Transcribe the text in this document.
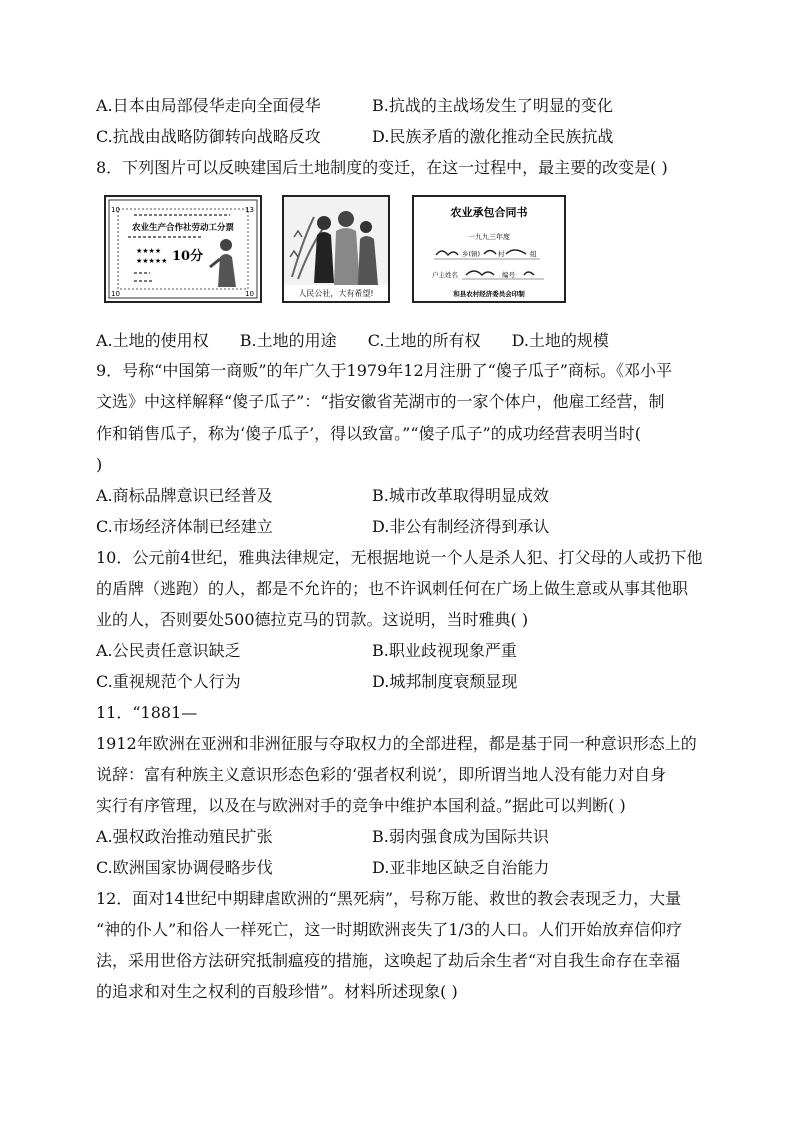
A.日本由局部侵华走向全面侵华	B.抗战的主战场发生了明显的变化
C.抗战由战略防御转向战略反攻	D.民族矛盾的激化推动全民族抗战
8．下列图片可以反映建国后土地制度的变迁，在这一过程中，最主要的改变是( )
10	13
10	10
农业生产合作社劳动工分票
★★★★
★★★★★ 10分
人民公社，大有希望!
农业承包合同书
一九九三年度
乡(镇)	村	组
户主姓名	编号
和县农村经济委员会印制
A.土地的使用权 B.土地的用途 C.土地的所有权 D.土地的规模
9．号称“中国第一商贩”的年广久于1979年12月注册了“傻子瓜子”商标。《邓小平
文选》中这样解释“傻子瓜子”：“指安徽省芜湖市的一家个体户，他雇工经营，制
作和销售瓜子，称为‘傻子瓜子’，得以致富。”“傻子瓜子”的成功经营表明当时(
)
A.商标品牌意识已经普及	B.城市改革取得明显成效
C.市场经济体制已经建立	D.非公有制经济得到承认
10．公元前4世纪，雅典法律规定，无根据地说一个人是杀人犯、打父母的人或扔下他
的盾牌（逃跑）的人，都是不允许的；也不许讽刺任何在广场上做生意或从事其他职
业的人，否则要处500德拉克马的罚款。这说明，当时雅典( )
A.公民责任意识缺乏	B.职业歧视现象严重
C.重视规范个人行为	D.城邦制度衰颓显现
11．“1881—
1912年欧洲在亚洲和非洲征服与夺取权力的全部进程，都是基于同一种意识形态上的
说辞：富有种族主义意识形态色彩的‘强者权利说’，即所谓当地人没有能力对自身
实行有序管理，以及在与欧洲对手的竞争中维护本国利益。”据此可以判断( )
A.强权政治推动殖民扩张	B.弱肉强食成为国际共识
C.欧洲国家协调侵略步伐	D.亚非地区缺乏自治能力
12．面对14世纪中期肆虐欧洲的“黑死病”，号称万能、救世的教会表现乏力，大量
“神的仆人”和俗人一样死亡，这一时期欧洲丧失了1/3的人口。人们开始放弃信仰疗
法，采用世俗方法研究抵制瘟疫的措施，这唤起了劫后余生者“对自我生命存在幸福
的追求和对生之权利的百般珍惜”。材料所述现象( )
